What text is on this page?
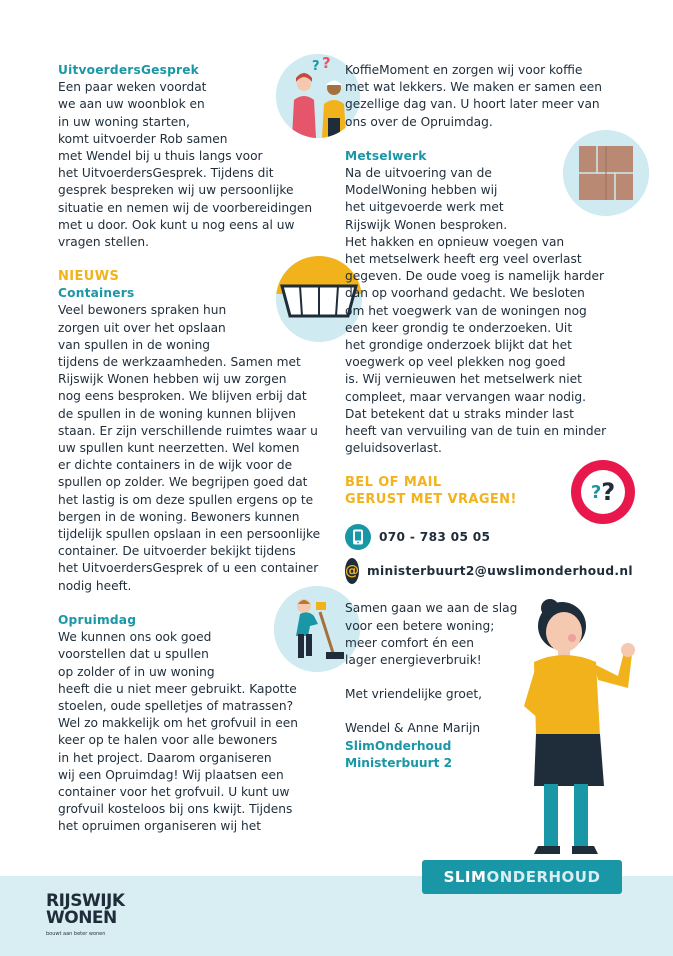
? ?
UitvoerdersGesprek
Een paar weken voordat
we aan uw woonblok en
in uw woning starten,
komt uitvoerder Rob samen
met Wendel bij u thuis langs voor
het UitvoerdersGesprek. Tijdens dit
gesprek bespreken wij uw persoonlijke
situatie en nemen wij de voorbereidingen
met u door. Ook kunt u nog eens al uw
vragen stellen.
NIEUWS
Containers
Veel bewoners spraken hun
zorgen uit over het opslaan
van spullen in de woning
tijdens de werkzaamheden. Samen met
Rijswijk Wonen hebben wij uw zorgen
nog eens besproken. We blijven erbij dat
de spullen in de woning kunnen blijven
staan. Er zijn verschillende ruimtes waar u
uw spullen kunt neerzetten. Wel komen
er dichte containers in de wijk voor de
spullen op zolder. We begrijpen goed dat
het lastig is om deze spullen ergens op te
bergen in de woning. Bewoners kunnen
tijdelijk spullen opslaan in een persoonlijke
container. De uitvoerder bekijkt tijdens
het UitvoerdersGesprek of u een container
nodig heeft.
Opruimdag
We kunnen ons ook goed
voorstellen dat u spullen
op zolder of in uw woning
heeft die u niet meer gebruikt. Kapotte
stoelen, oude spelletjes of matrassen?
Wel zo makkelijk om het grofvuil in een
keer op te halen voor alle bewoners
in het project. Daarom organiseren
wij een Opruimdag! Wij plaatsen een
container voor het grofvuil. U kunt uw
grofvuil kosteloos bij ons kwijt. Tijdens
het opruimen organiseren wij het
KoffieMoment en zorgen wij voor koffie
met wat lekkers. We maken er samen een
gezellige dag van. U hoort later meer van
ons over de Opruimdag.
Metselwerk
Na de uitvoering van de
ModelWoning hebben wij
het uitgevoerde werk met
Rijswijk Wonen besproken.
Het hakken en opnieuw voegen van
het metselwerk heeft erg veel overlast
gegeven. De oude voeg is namelijk harder
dan op voorhand gedacht. We besloten
om het voegwerk van de woningen nog
een keer grondig te onderzoeken. Uit
het grondige onderzoek blijkt dat het
voegwerk op veel plekken nog goed
is. Wij vernieuwen het metselwerk niet
compleet, maar vervangen waar nodig.
Dat betekent dat u straks minder last
heeft van vervuiling van de tuin en minder
geluidsoverlast.
? ?
BEL OF MAIL
GERUST MET VRAGEN!
070 - 783 05 05
@ ministerbuurt2@uwslimonderhoud.nl
Samen gaan we aan de slag
voor een betere woning;
meer comfort én een
lager energieverbruik!
Met vriendelijke groet,
Wendel & Anne Marijn
SlimOnderhoud
Ministerbuurt 2
SLIM ONDERHOUD
RIJSWIJK
WONEN
bouwt aan beter wonen
